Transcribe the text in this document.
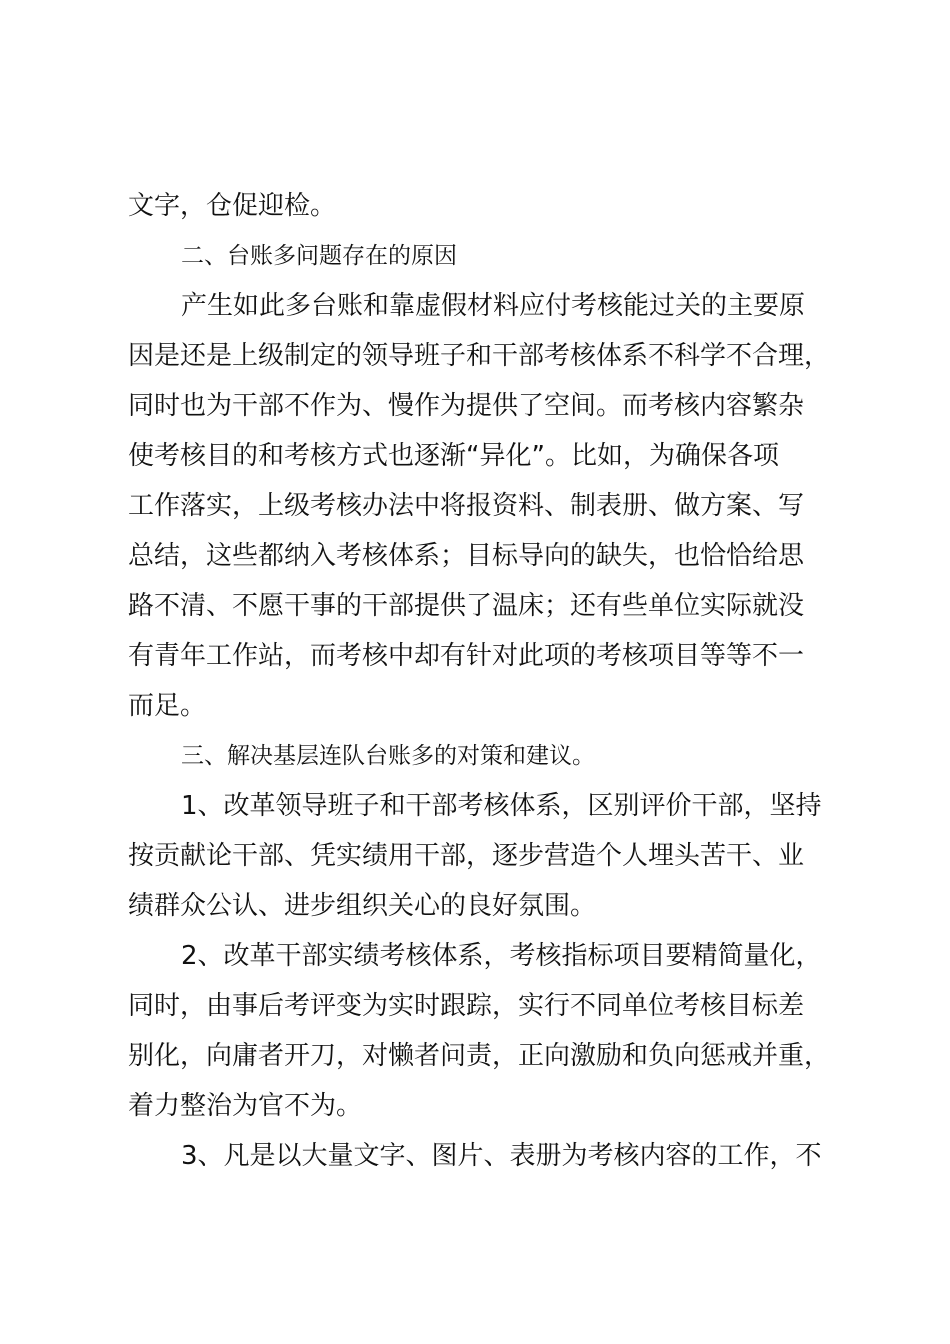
文字，仓促迎检。
二、台账多问题存在的原因
产生如此多台账和靠虚假材料应付考核能过关的主要原
因是还是上级制定的领导班子和干部考核体系不科学不合理，
同时也为干部不作为、慢作为提供了空间。而考核内容繁杂
使考核目的和考核方式也逐渐“异化”。比如，为确保各项
工作落实，上级考核办法中将报资料、制表册、做方案、写
总结，这些都纳入考核体系；目标导向的缺失，也恰恰给思
路不清、不愿干事的干部提供了温床；还有些单位实际就没
有青年工作站，而考核中却有针对此项的考核项目等等不一
而足。
三、解决基层连队台账多的对策和建议。
1、改革领导班子和干部考核体系，区别评价干部，坚持
按贡献论干部、凭实绩用干部，逐步营造个人埋头苦干、业
绩群众公认、进步组织关心的良好氛围。
2、改革干部实绩考核体系，考核指标项目要精简量化，
同时，由事后考评变为实时跟踪，实行不同单位考核目标差
别化，向庸者开刀，对懒者问责，正向激励和负向惩戒并重，
着力整治为官不为。
3、凡是以大量文字、图片、表册为考核内容的工作，不
